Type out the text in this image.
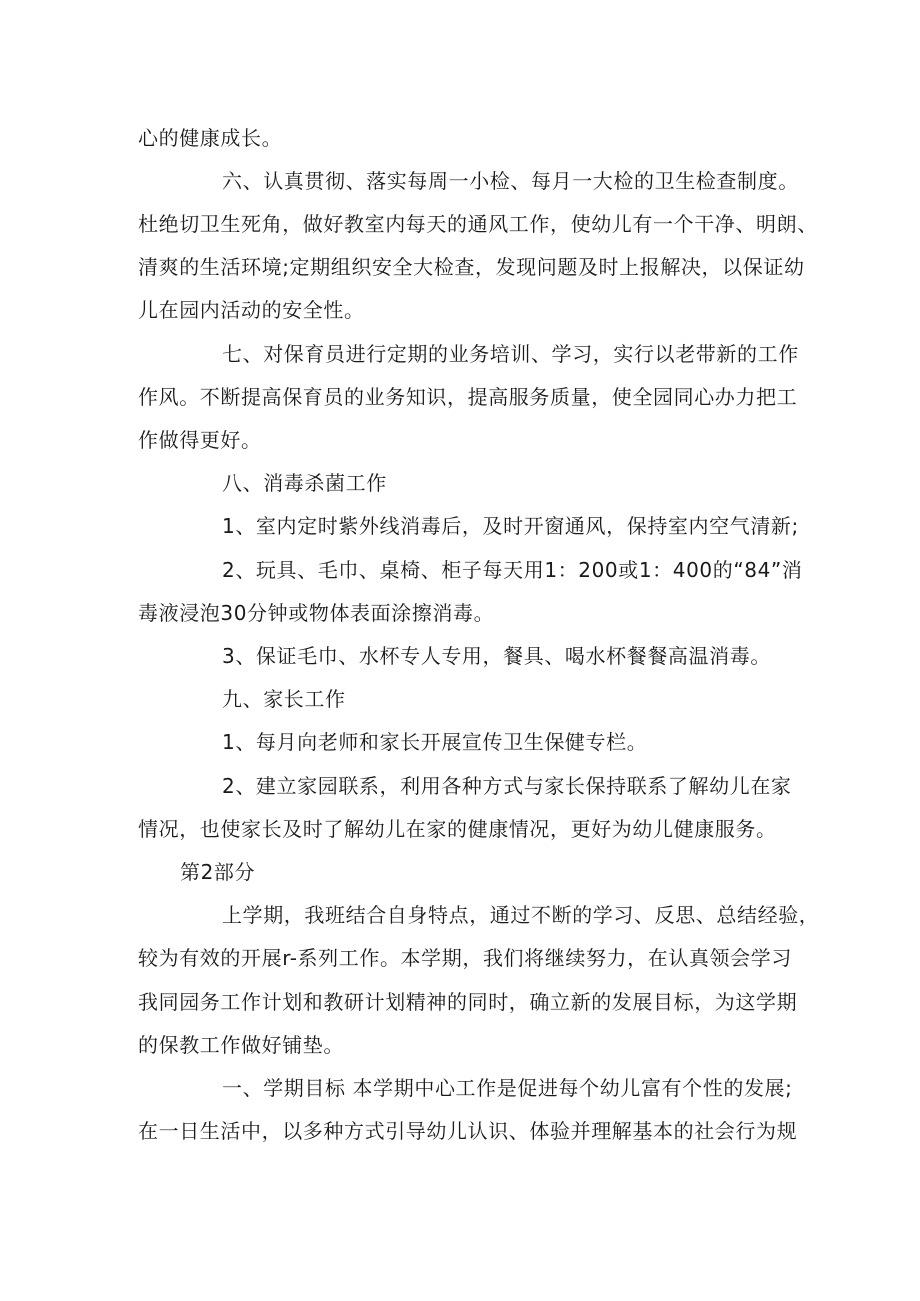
心的健康成长。
六、认真贯彻、落实每周一小检、每月一大检的卫生检查制度。
杜绝切卫生死角，做好教室内每天的通风工作，使幼儿有一个干净、明朗、
清爽的生活环境;定期组织安全大检查，发现问题及时上报解决，以保证幼
儿在园内活动的安全性。
七、对保育员进行定期的业务培训、学习，实行以老带新的工作
作风。不断提高保育员的业务知识，提高服务质量，使全园同心办力把工
作做得更好。
八、消毒杀菌工作
1、室内定时紫外线消毒后，及时开窗通风，保持室内空气清新;
2、玩具、毛巾、桌椅、柜子每天用1：200或1：400的“84”消
毒液浸泡30分钟或物体表面涂擦消毒。
3、保证毛巾、水杯专人专用，餐具、喝水杯餐餐高温消毒。
九、家长工作
1、每月向老师和家长开展宣传卫生保健专栏。
2、建立家园联系，利用各种方式与家长保持联系了解幼儿在家
情况，也使家长及时了解幼儿在家的健康情况，更好为幼儿健康服务。
第2部分
上学期，我班结合自身特点，通过不断的学习、反思、总结经验，
较为有效的开展r-系列工作。本学期，我们将继续努力，在认真领会学习
我同园务工作计划和教研计划精神的同时，确立新的发展目标，为这学期
的保教工作做好铺垫。
一、学期目标 本学期中心工作是促进每个幼儿富有个性的发展;
在一日生活中，以多种方式引导幼儿认识、体验并理解基本的社会行为规
